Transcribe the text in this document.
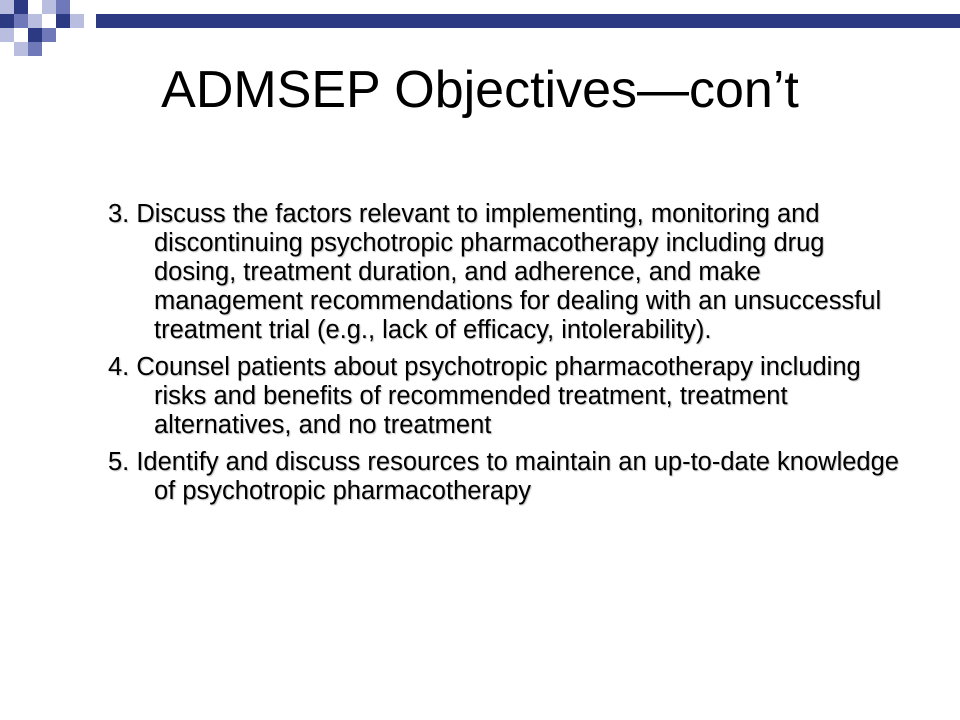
ADMSEP Objectives—con’t

3. Discuss the factors relevant to implementing, monitoring and discontinuing psychotropic pharmacotherapy including drug dosing, treatment duration, and adherence, and make management recommendations for dealing with an unsuccessful treatment trial (e.g., lack of efficacy, intolerability).

4. Counsel patients about psychotropic pharmacotherapy including risks and benefits of recommended treatment, treatment alternatives, and no treatment

5. Identify and discuss resources to maintain an up-to-date knowledge of psychotropic pharmacotherapy
